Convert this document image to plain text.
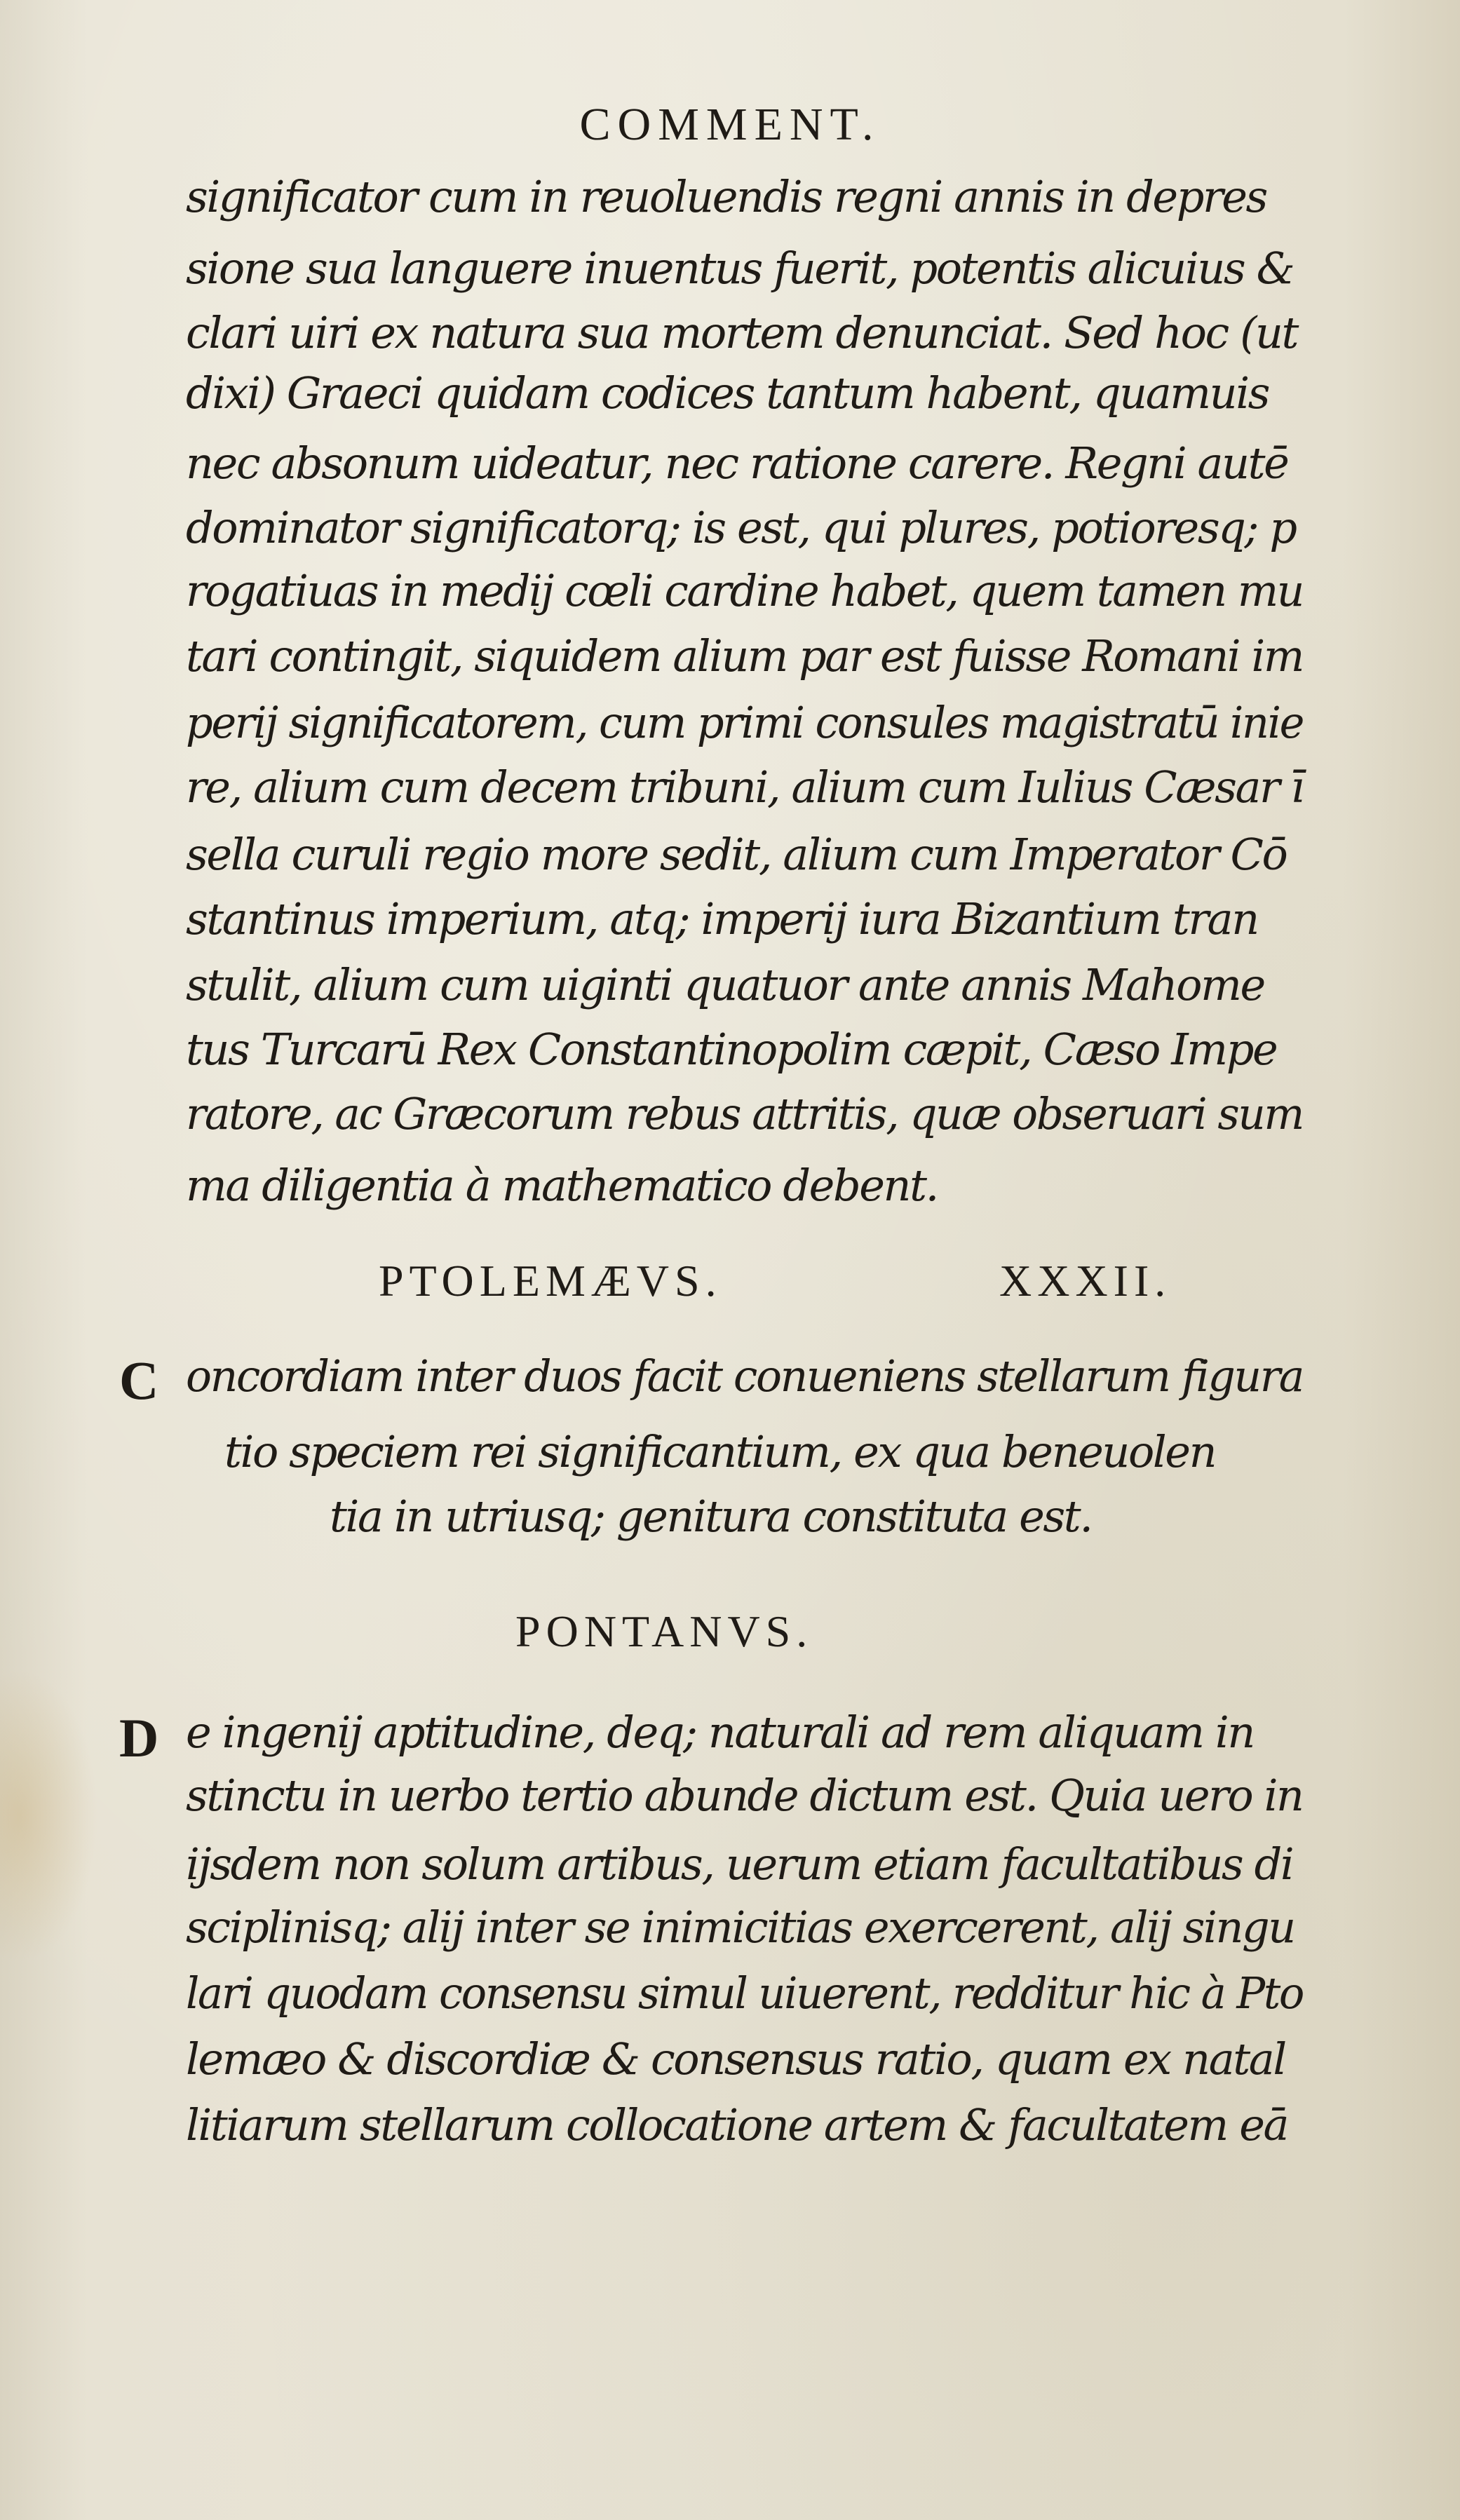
COMMENT.
significator cum in reuoluendis regni annis in depres
sione sua languere inuentus fuerit, potentis alicuius &
clari uiri ex natura sua mortem denunciat. Sed hoc (ut
dixi) Graeci quidam codices tantum habent, quamuis
nec absonum uideatur, nec ratione carere. Regni autē
dominator significatorq; is est, qui plures, potioresq; p
rogatiuas in medij cœli cardine habet, quem tamen mu
tari contingit, siquidem alium par est fuisse Romani im
perij significatorem, cum primi consules magistratū inie
re, alium cum decem tribuni, alium cum Iulius Cæsar ī
sella curuli regio more sedit, alium cum Imperator Cō
stantinus imperium, atq; imperij iura Bizantium tran
stulit, alium cum uiginti quatuor ante annis Mahome
tus Turcarū Rex Constantinopolim cæpit, Cæso Impe
ratore, ac Græcorum rebus attritis, quæ obseruari sum
ma diligentia à mathematico debent.
PTOLEMÆVS.	XXXII.
C oncordiam inter duos facit conueniens stellarum figura
tio speciem rei significantium, ex qua beneuolen
tia in utriusq; genitura constituta est.
PONTANVS.
D e ingenij aptitudine, deq; naturali ad rem aliquam in
stinctu in uerbo tertio abunde dictum est. Quia uero in
ijsdem non solum artibus, uerum etiam facultatibus di
sciplinisq; alij inter se inimicitias exercerent, alij singu
lari quodam consensu simul uiuerent, redditur hic à Pto
lemæo & discordiæ & consensus ratio, quam ex natal
litiarum stellarum collocatione artem & facultatem eā
